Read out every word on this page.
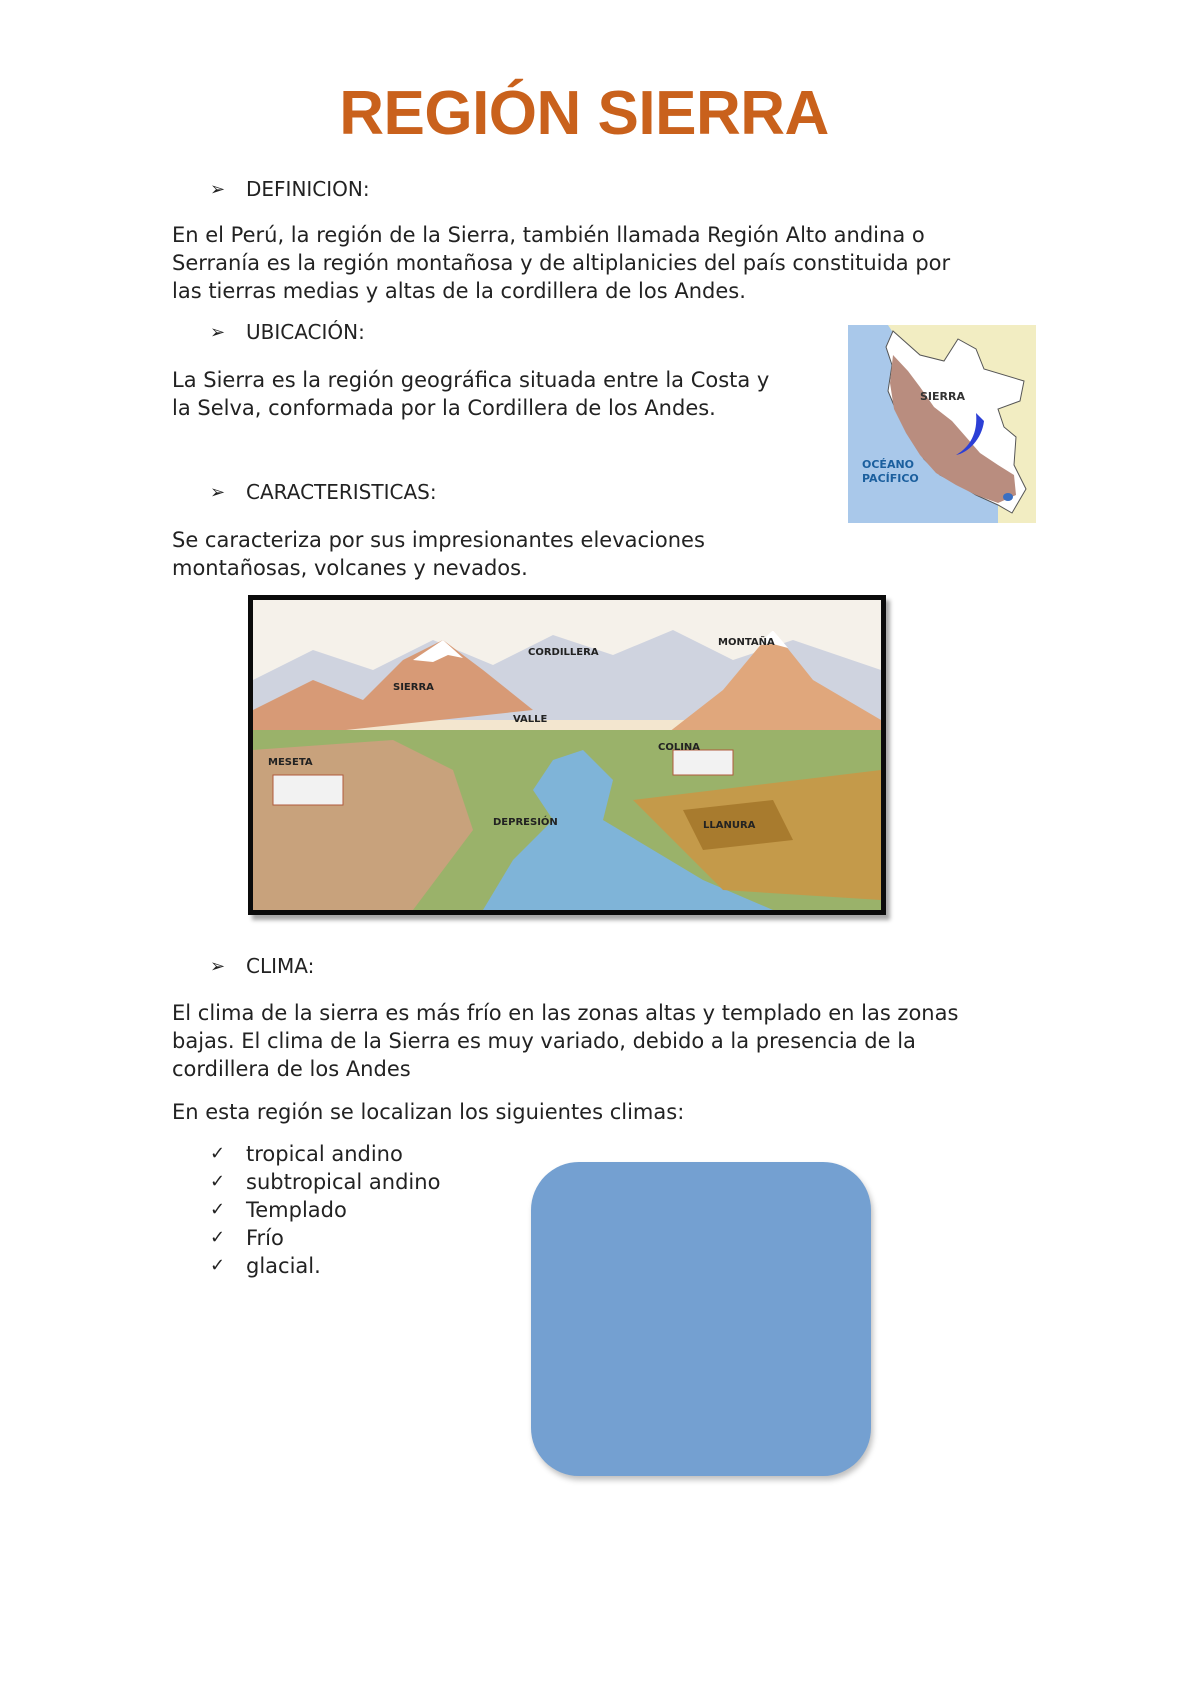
REGIÓN SIERRA
➢	DEFINICION:
En el Perú, la región de la Sierra, también llamada Región Alto andina o
Serranía es la región montañosa y de altiplanicies del país constituida por
las tierras medias y altas de la cordillera de los Andes.
➢	UBICACIÓN:
La Sierra es la región geográfica situada entre la Costa y
la Selva, conformada por la Cordillera de los Andes.	SIERRA
OCÉANO
PACÍFICO
➢	CARACTERISTICAS:
Se caracteriza por sus impresionantes elevaciones
montañosas, volcanes y nevados.
CORDILLERA
MONTAÑA
SIERRA
VALLE
COLINA
MESETA
DEPRESIÓN	LLANURA
➢	CLIMA:
El clima de la sierra es más frío en las zonas altas y templado en las zonas
bajas. El clima de la Sierra es muy variado, debido a la presencia de la
cordillera de los Andes
En esta región se localizan los siguientes climas:
✓ tropical andino
✓ subtropical andino
✓ Templado
✓ Frío
✓ glacial.
